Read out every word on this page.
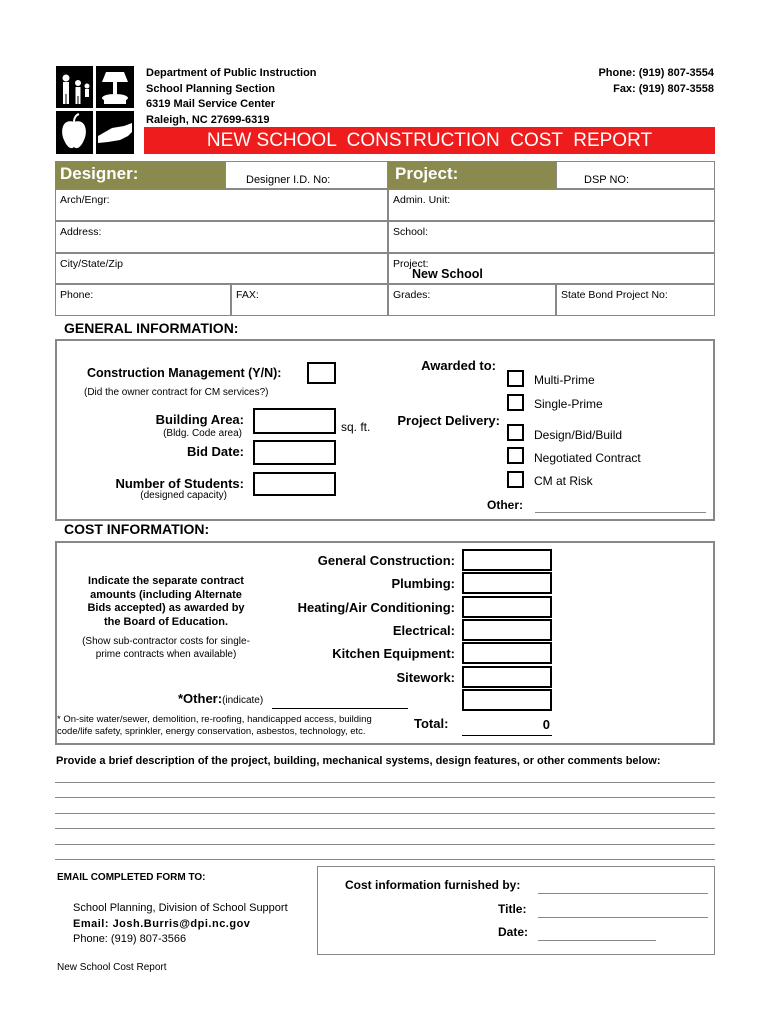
Department of Public Instruction
School Planning Section
6319 Mail Service Center
Raleigh, NC 27699-6319
Phone: (919) 807-3554
Fax: (919) 807-3558
NEW SCHOOL  CONSTRUCTION  COST  REPORT
Designer:	Designer I.D. No:	Project:	DSP NO:
Arch/Engr:	Admin. Unit:
Address:	School:
City/State/Zip	Project:
New School
Phone:	FAX:	Grades:	State Bond Project No:
GENERAL INFORMATION:
Construction Management (Y/N):
(Did the owner contract for CM services?)
Building Area:
(Bldg. Code area)	sq. ft.
Bid Date:
Number of Students:
(designed capacity)
Awarded to:
Multi-Prime
Single-Prime
Project Delivery:
Design/Bid/Build
Negotiated Contract
CM at Risk
Other:
COST INFORMATION:
Indicate the separate contract
amounts (including Alternate
Bids accepted) as awarded by
the Board of Education.
(Show sub-contractor costs for single-
prime contracts when available)
General Construction:
Plumbing:
Heating/Air Conditioning:
Electrical:
Kitchen Equipment:
Sitework:
*Other:(indicate)
* On-site water/sewer, demolition, re-roofing, handicapped access, building
code/life safety, sprinkler, energy conservation, asbestos, technology, etc.
Total:	0
Provide a brief description of the project, building, mechanical systems, design features, or other comments below:
EMAIL COMPLETED FORM TO:
School Planning, Division of School Support
Email: Josh.Burris@dpi.nc.gov
Phone: (919) 807-3566
New School Cost Report
Cost information furnished by:
Title:
Date:
